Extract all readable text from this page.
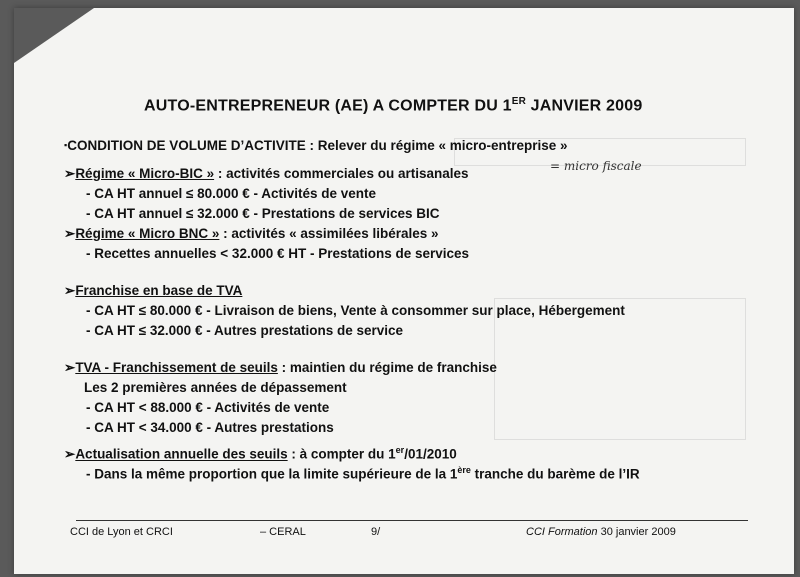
AUTO-ENTREPRENEUR (AE) A COMPTER DU 1ER JANVIER 2009
▪CONDITION DE VOLUME D’ACTIVITE : Relever du régime « micro-entreprise »
= micro fiscale
➢Régime « Micro-BIC » : activités commerciales ou artisanales
- CA HT annuel ≤ 80.000 € - Activités de vente
- CA HT annuel ≤ 32.000 € - Prestations de services BIC
➢Régime « Micro BNC » : activités « assimilées libérales »
- Recettes annuelles < 32.000 € HT - Prestations de services
➢Franchise en base de TVA
- CA HT ≤ 80.000 € - Livraison de biens, Vente à consommer sur place, Hébergement
- CA HT ≤ 32.000 € - Autres prestations de service
➢TVA - Franchissement de seuils : maintien du régime de franchise
Les 2 premières années de dépassement
- CA HT < 88.000 € - Activités de vente
- CA HT < 34.000 € - Autres prestations
➢Actualisation annuelle des seuils : à compter du 1er/01/2010
- Dans la même proportion que la limite supérieure de la 1ère tranche du barème de l’IR
CCI de Lyon et CRCI	– CERAL	9/	CCI Formation 30 janvier 2009
